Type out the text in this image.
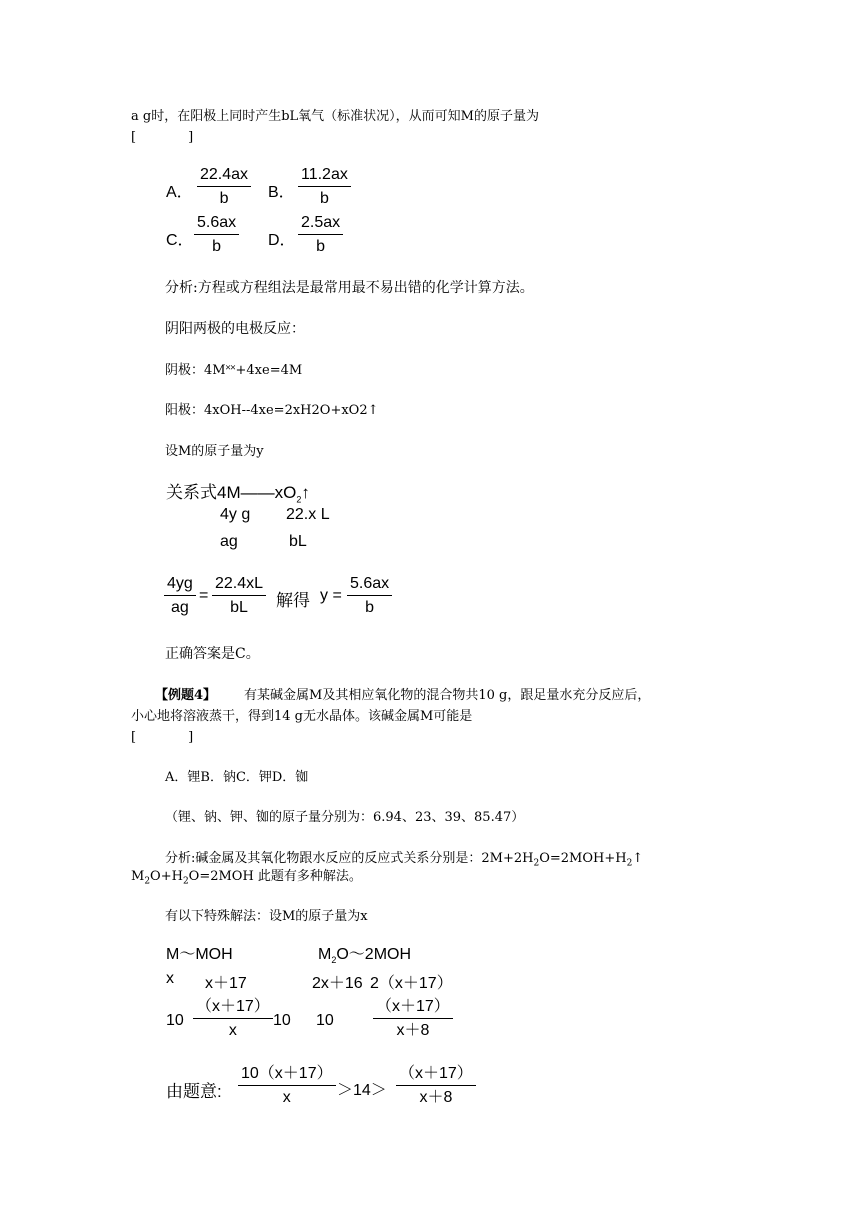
a g时，在阳极上同时产生bL氧气（标准状况），从而可知M的原子量为
[　　　　]
A． $\frac{22.4ax}{b}$ B． $\frac{11.2ax}{b}$
C． $\frac{5.6ax}{b}$ D． $\frac{2.5ax}{b}$
分析:方程或方程组法是最常用最不易出错的化学计算方法。
阴阳两极的电极反应：
阴极：4M˟˟+4xe=4M
阳极：4xOH--4xe=2xH2O+xO2↑
设M的原子量为y
关系式$4M——xO_2↑$
4y g 22.x L
ag	bL
$\frac{4yg}{ag} = \frac{22.4xL}{bL}$ 解得 $y = \frac{5.6ax}{b}$
正确答案是C。
【例题4】 有某碱金属M及其相应氧化物的混合物共10 g，跟足量水充分反应后，
小心地将溶液蒸干，得到14 g无水晶体。该碱金属M可能是
[　　　　]
A．锂B．钠C．钾D．铷
（锂、钠、钾、铷的原子量分别为：6.94、23、39、85.47）
分析:碱金属及其氧化物跟水反应的反应式关系分别是：$2M+2H_2O=2MOH+H_2↑$
$M_2O+H_2O=2MOH$ 此题有多种解法。
有以下特殊解法：设M的原子量为x
M～MOH	$M_2O\sim 2MOH$
x x＋17	2x＋16 2（x＋17）
$10 \frac{(x+17)}{x} 10$ $10 \frac{(x+17)}{x+8}$
由题意: $\frac{10(x+17)}{x} >14> \frac{(x+17)}{x+8}$
